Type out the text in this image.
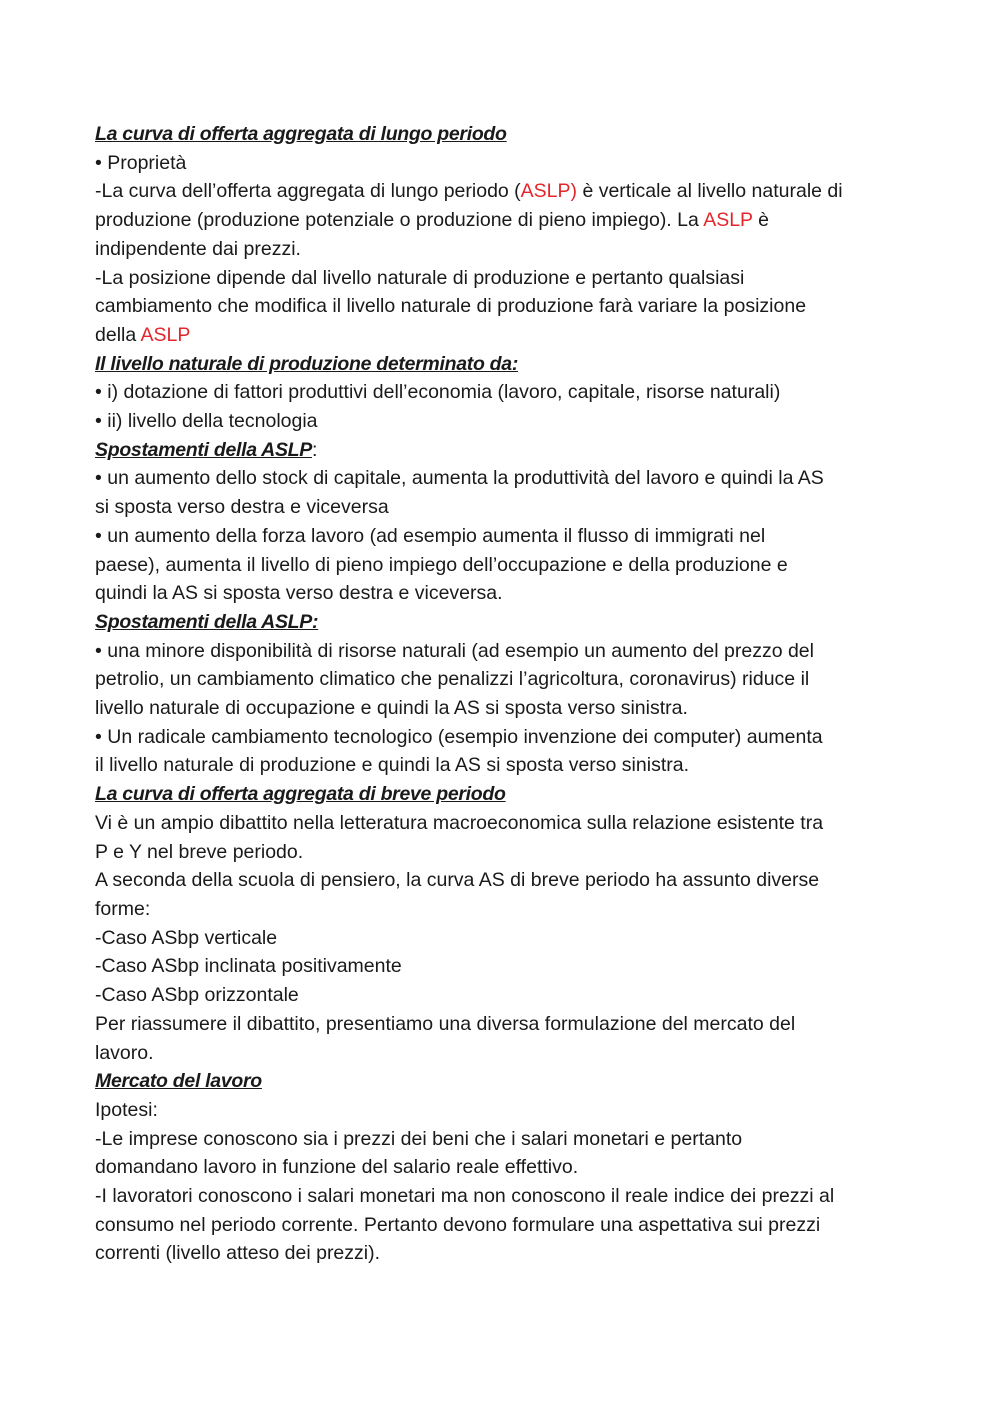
La curva di offerta aggregata di lungo periodo
• Proprietà
-La curva dell’offerta aggregata di lungo periodo (ASLP) è verticale al livello naturale di
produzione (produzione potenziale o produzione di pieno impiego). La ASLP è
indipendente dai prezzi.
-La posizione dipende dal livello naturale di produzione e pertanto qualsiasi
cambiamento che modifica il livello naturale di produzione farà variare la posizione
della ASLP
Il livello naturale di produzione determinato da:
• i) dotazione di fattori produttivi dell’economia (lavoro, capitale, risorse naturali)
• ii) livello della tecnologia
Spostamenti della ASLP:
• un aumento dello stock di capitale, aumenta la produttività del lavoro e quindi la AS
si sposta verso destra e viceversa
• un aumento della forza lavoro (ad esempio aumenta il flusso di immigrati nel
paese), aumenta il livello di pieno impiego dell’occupazione e della produzione e
quindi la AS si sposta verso destra e viceversa.
Spostamenti della ASLP:
• una minore disponibilità di risorse naturali (ad esempio un aumento del prezzo del
petrolio, un cambiamento climatico che penalizzi l’agricoltura, coronavirus) riduce il
livello naturale di occupazione e quindi la AS si sposta verso sinistra.
• Un radicale cambiamento tecnologico (esempio invenzione dei computer) aumenta
il livello naturale di produzione e quindi la AS si sposta verso sinistra.
La curva di offerta aggregata di breve periodo
Vi è un ampio dibattito nella letteratura macroeconomica sulla relazione esistente tra
P e Y nel breve periodo.
A seconda della scuola di pensiero, la curva AS di breve periodo ha assunto diverse
forme:
-Caso ASbp verticale
-Caso ASbp inclinata positivamente
-Caso ASbp orizzontale
Per riassumere il dibattito, presentiamo una diversa formulazione del mercato del
lavoro.
Mercato del lavoro
Ipotesi:
-Le imprese conoscono sia i prezzi dei beni che i salari monetari e pertanto
domandano lavoro in funzione del salario reale effettivo.
-I lavoratori conoscono i salari monetari ma non conoscono il reale indice dei prezzi al
consumo nel periodo corrente. Pertanto devono formulare una aspettativa sui prezzi
correnti (livello atteso dei prezzi).
